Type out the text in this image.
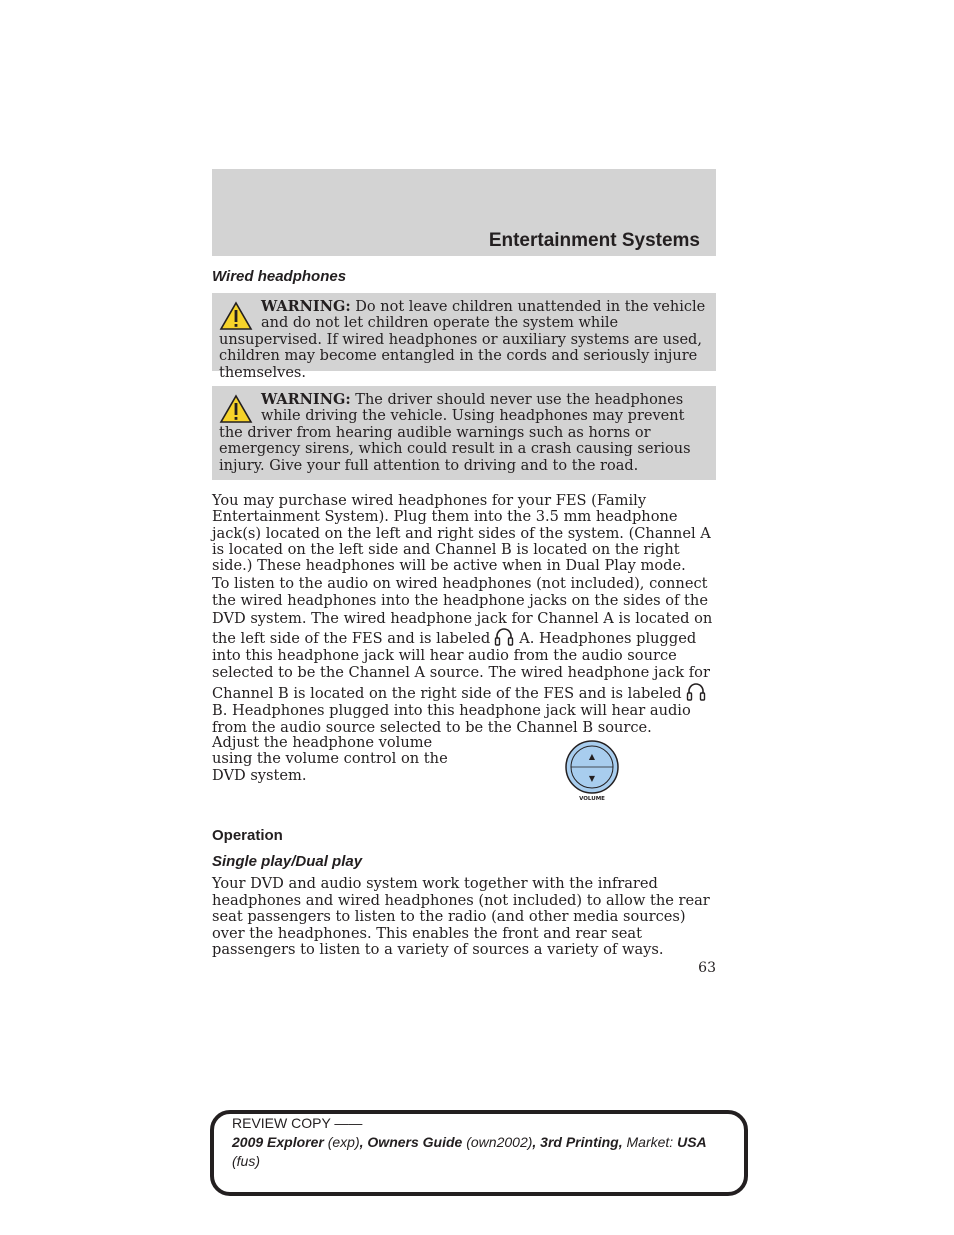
Entertainment Systems
Wired headphones
WARNING: Do not leave children unattended in the vehicle and do not let children operate the system while unsupervised. If wired headphones or auxiliary systems are used, children may become entangled in the cords and seriously injure themselves.
WARNING: The driver should never use the headphones while driving the vehicle. Using headphones may prevent the driver from hearing audible warnings such as horns or emergency sirens, which could result in a crash causing serious injury. Give your full attention to driving and to the road.
You may purchase wired headphones for your FES (Family Entertainment System). Plug them into the 3.5 mm headphone jack(s) located on the left and right sides of the system. (Channel A is located on the left side and Channel B is located on the right side.) These headphones will be active when in Dual Play mode.
To listen to the audio on wired headphones (not included), connect the wired headphones into the headphone jacks on the sides of the DVD system. The wired headphone jack for Channel A is located on the left side of the FES and is labeled A. Headphones plugged into this headphone jack will hear audio from the audio source selected to be the Channel A source. The wired headphone jack for Channel B is located on the right side of the FES and is labeledB. Headphones plugged into this headphone jack will hear audio from the audio source selected to be the Channel B source.
Adjust the headphone volume using the volume control on the DVD system.
▲
▼
VOLUME
Operation
Single play/Dual play
Your DVD and audio system work together with the infrared headphones and wired headphones (not included) to allow the rear seat passengers to listen to the radio (and other media sources) over the headphones. This enables the front and rear seat passengers to listen to a variety of sources a variety of ways.
63
REVIEW COPY ——
2009 Explorer (exp), Owners Guide (own2002), 3rd Printing, Market: USA
(fus)
